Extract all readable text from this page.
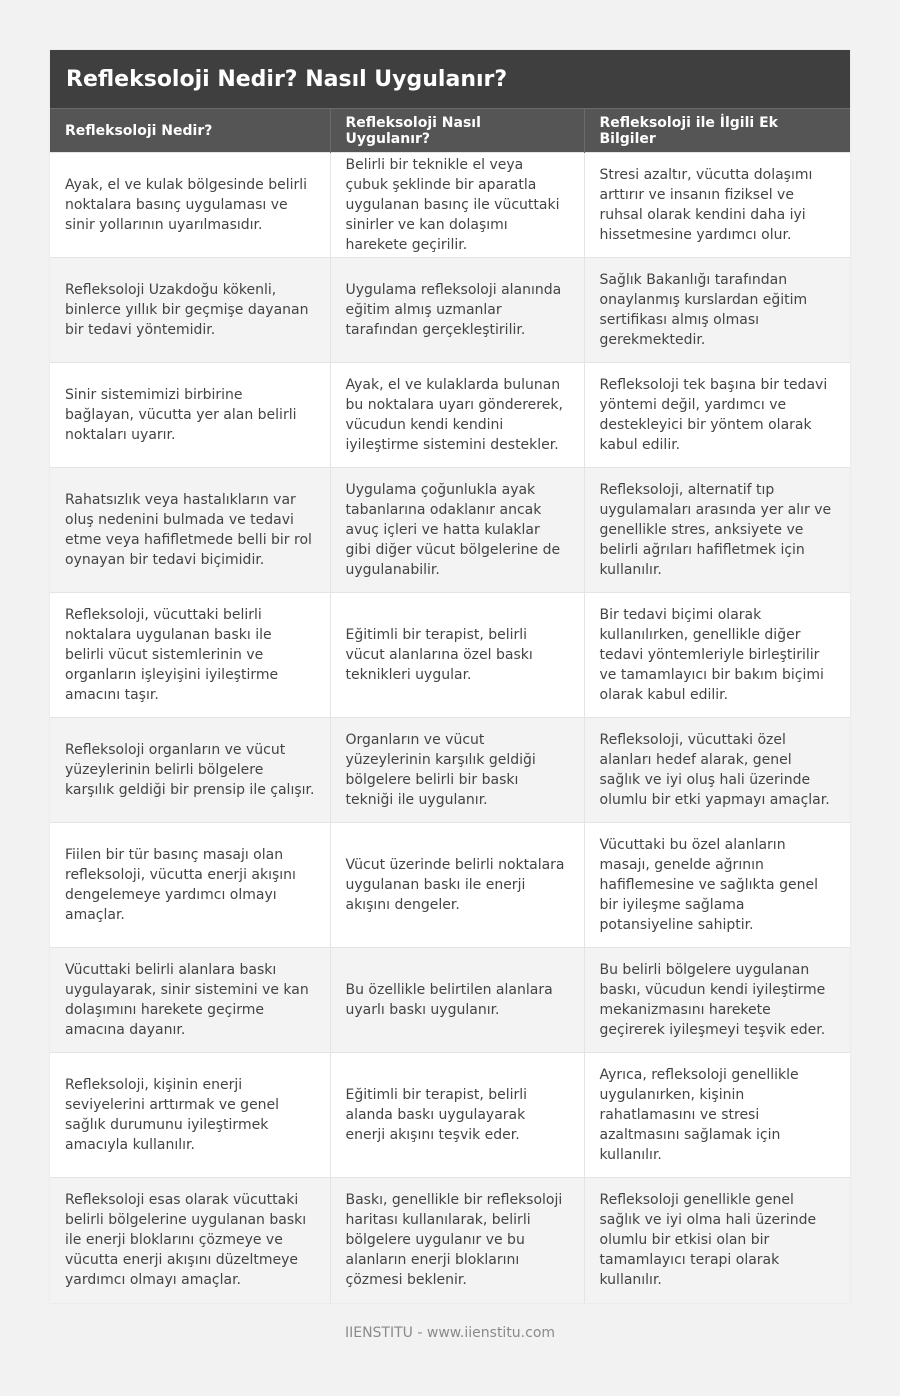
Refleksoloji Nedir? Nasıl Uygulanır?
Refleksoloji Nedir?	Refleksoloji Nasıl Uygulanır?	Refleksoloji ile İlgili Ek Bilgiler
Ayak, el ve kulak bölgesinde belirli noktalara basınç uygulaması ve sinir yollarının uyarılmasıdır.	Belirli bir teknikle el veya çubuk şeklinde bir aparatla uygulanan basınç ile vücuttaki sinirler ve kan dolaşımı harekete geçirilir.	Stresi azaltır, vücutta dolaşımı arttırır ve insanın fiziksel ve ruhsal olarak kendini daha iyi hissetmesine yardımcı olur.
Refleksoloji Uzakdoğu kökenli, binlerce yıllık bir geçmişe dayanan bir tedavi yöntemidir.	Uygulama refleksoloji alanında eğitim almış uzmanlar tarafından gerçekleştirilir.	Sağlık Bakanlığı tarafından onaylanmış kurslardan eğitim sertifikası almış olması gerekmektedir.
Sinir sistemimizi birbirine bağlayan, vücutta yer alan belirli noktaları uyarır.	Ayak, el ve kulaklarda bulunan bu noktalara uyarı göndererek, vücudun kendi kendini iyileştirme sistemini destekler.	Refleksoloji tek başına bir tedavi yöntemi değil, yardımcı ve destekleyici bir yöntem olarak kabul edilir.
Rahatsızlık veya hastalıkların var oluş nedenini bulmada ve tedavi etme veya hafifletmede belli bir rol oynayan bir tedavi biçimidir.	Uygulama çoğunlukla ayak tabanlarına odaklanır ancak avuç içleri ve hatta kulaklar gibi diğer vücut bölgelerine de uygulanabilir.	Refleksoloji, alternatif tıp uygulamaları arasında yer alır ve genellikle stres, anksiyete ve belirli ağrıları hafifletmek için kullanılır.
Refleksoloji, vücuttaki belirli noktalara uygulanan baskı ile belirli vücut sistemlerinin ve organların işleyişini iyileştirme amacını taşır.	Eğitimli bir terapist, belirli vücut alanlarına özel baskı teknikleri uygular.	Bir tedavi biçimi olarak kullanılırken, genellikle diğer tedavi yöntemleriyle birleştirilir ve tamamlayıcı bir bakım biçimi olarak kabul edilir.
Refleksoloji organların ve vücut yüzeylerinin belirli bölgelere karşılık geldiği bir prensip ile çalışır.	Organların ve vücut yüzeylerinin karşılık geldiği bölgelere belirli bir baskı tekniği ile uygulanır.	Refleksoloji, vücuttaki özel alanları hedef alarak, genel sağlık ve iyi oluş hali üzerinde olumlu bir etki yapmayı amaçlar.
Fiilen bir tür basınç masajı olan refleksoloji, vücutta enerji akışını dengelemeye yardımcı olmayı amaçlar.	Vücut üzerinde belirli noktalara uygulanan baskı ile enerji akışını dengeler.	Vücuttaki bu özel alanların masajı, genelde ağrının hafiflemesine ve sağlıkta genel bir iyileşme sağlama potansiyeline sahiptir.
Vücuttaki belirli alanlara baskı uygulayarak, sinir sistemini ve kan dolaşımını harekete geçirme amacına dayanır.	Bu özellikle belirtilen alanlara uyarlı baskı uygulanır.	Bu belirli bölgelere uygulanan baskı, vücudun kendi iyileştirme mekanizmasını harekete geçirerek iyileşmeyi teşvik eder.
Refleksoloji, kişinin enerji seviyelerini arttırmak ve genel sağlık durumunu iyileştirmek amacıyla kullanılır.	Eğitimli bir terapist, belirli alanda baskı uygulayarak enerji akışını teşvik eder.	Ayrıca, refleksoloji genellikle uygulanırken, kişinin rahatlamasını ve stresi azaltmasını sağlamak için kullanılır.
Refleksoloji esas olarak vücuttaki belirli bölgelerine uygulanan baskı ile enerji bloklarını çözmeye ve vücutta enerji akışını düzeltmeye yardımcı olmayı amaçlar.	Baskı, genellikle bir refleksoloji haritası kullanılarak, belirli bölgelere uygulanır ve bu alanların enerji bloklarını çözmesi beklenir.	Refleksoloji genellikle genel sağlık ve iyi olma hali üzerinde olumlu bir etkisi olan bir tamamlayıcı terapi olarak kullanılır.
IIENSTITU - www.iienstitu.com
